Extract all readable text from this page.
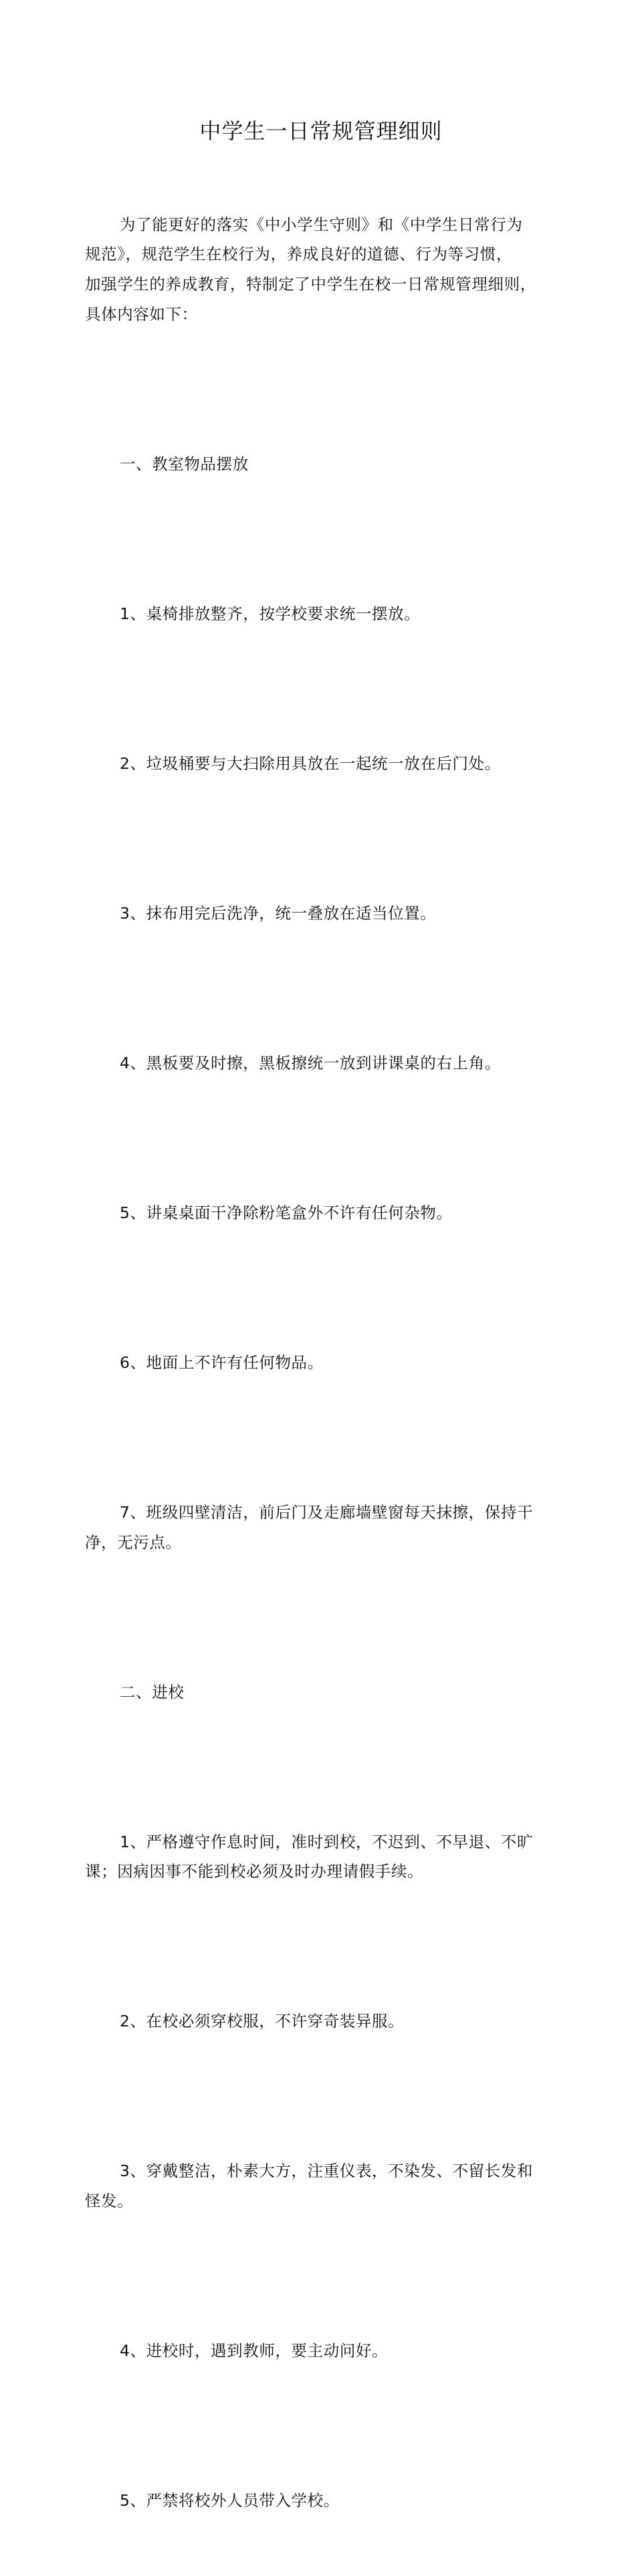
中学生一日常规管理细则

为了能更好的落实《中小学生守则》和《中学生日常行为
规范》，规范学生在校行为，养成良好的道德、行为等习惯，
加强学生的养成教育，特制定了中学生在校一日常规管理细则，
具体内容如下：

一、教室物品摆放

1、桌椅排放整齐，按学校要求统一摆放。

2、垃圾桶要与大扫除用具放在一起统一放在后门处。

3、抹布用完后洗净，统一叠放在适当位置。

4、黑板要及时擦，黑板擦统一放到讲课桌的右上角。

5、讲桌桌面干净除粉笔盒外不许有任何杂物。

6、地面上不许有任何物品。

7、班级四壁清洁，前后门及走廊墙壁窗每天抹擦，保持干
净，无污点。

二、进校

1、严格遵守作息时间，准时到校，不迟到、不早退、不旷
课；因病因事不能到校必须及时办理请假手续。

2、在校必须穿校服，不许穿奇装异服。

3、穿戴整洁，朴素大方，注重仪表，不染发、不留长发和
怪发。

4、进校时，遇到教师，要主动问好。

5、严禁将校外人员带入学校。
